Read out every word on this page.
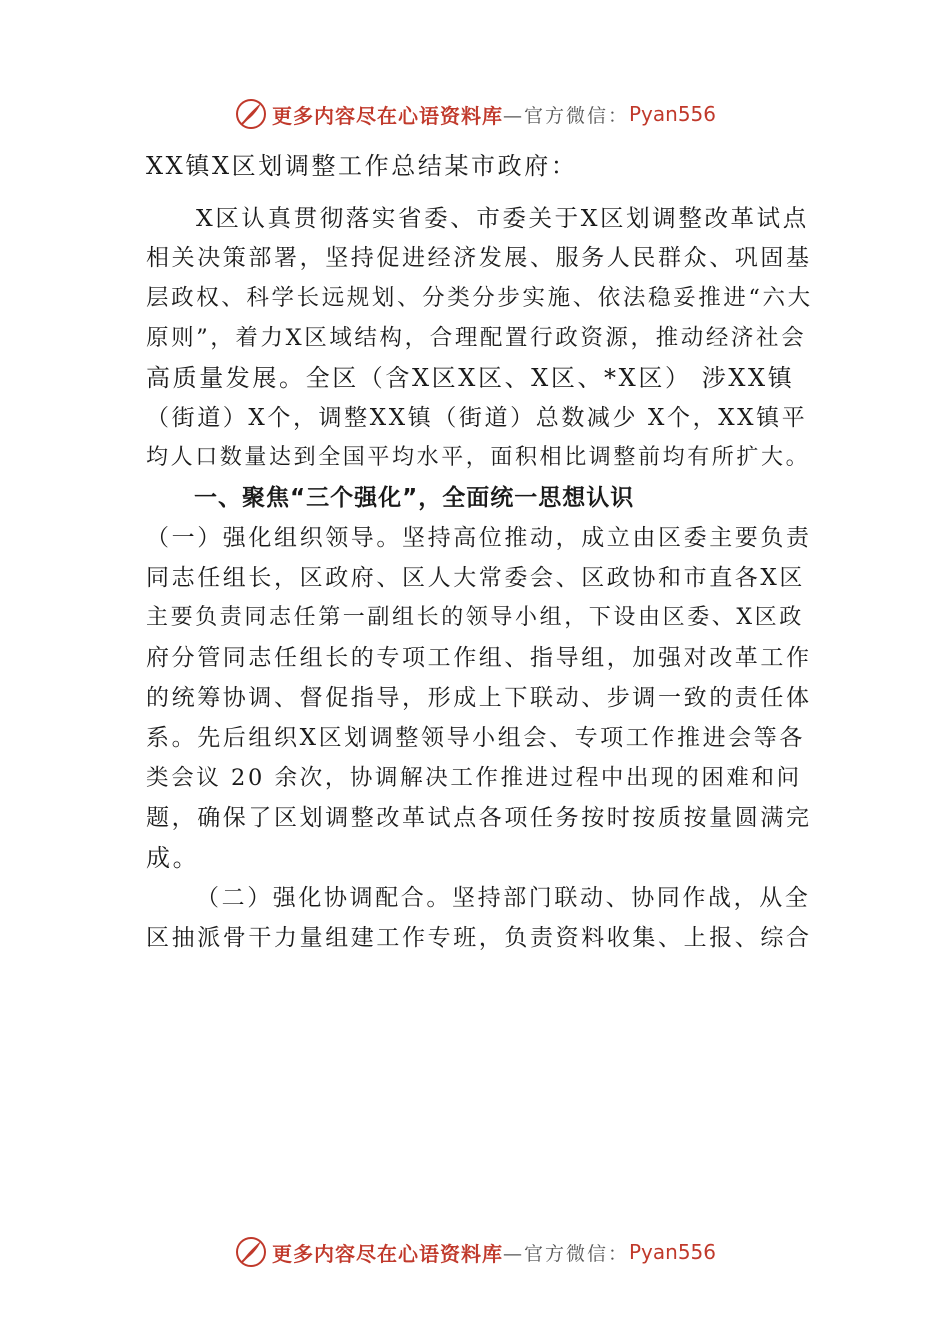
更多内容尽在心语资料库 —官方微信： Pyan556
XX镇X区划调整工作总结某市政府：
X区认真贯彻落实省委、市委关于X区划调整改革试点
相关决策部署，坚持促进经济发展、服务人民群众、巩固基
层政权、科学长远规划、分类分步实施、依法稳妥推进“六大
原则”，着力X区域结构，合理配置行政资源，推动经济社会
高质量发展。全区（含X区X区、X区、*X区） 涉XX镇
（街道）X个，调整XX镇（街道）总数减少 X个，XX镇平
均人口数量达到全国平均水平，面积相比调整前均有所扩大。
一、聚焦“三个强化”，全面统一思想认识
（一）强化组织领导。坚持高位推动，成立由区委主要负责
同志任组长，区政府、区人大常委会、区政协和市直各X区
主要负责同志任第一副组长的领导小组，下设由区委、X区政
府分管同志任组长的专项工作组、指导组，加强对改革工作
的统筹协调、督促指导，形成上下联动、步调一致的责任体
系。先后组织X区划调整领导小组会、专项工作推进会等各
类会议 20 余次，协调解决工作推进过程中出现的困难和问
题，确保了区划调整改革试点各项任务按时按质按量圆满完
成。
（二）强化协调配合。坚持部门联动、协同作战，从全
区抽派骨干力量组建工作专班，负责资料收集、上报、综合
更多内容尽在心语资料库 —官方微信： Pyan556
